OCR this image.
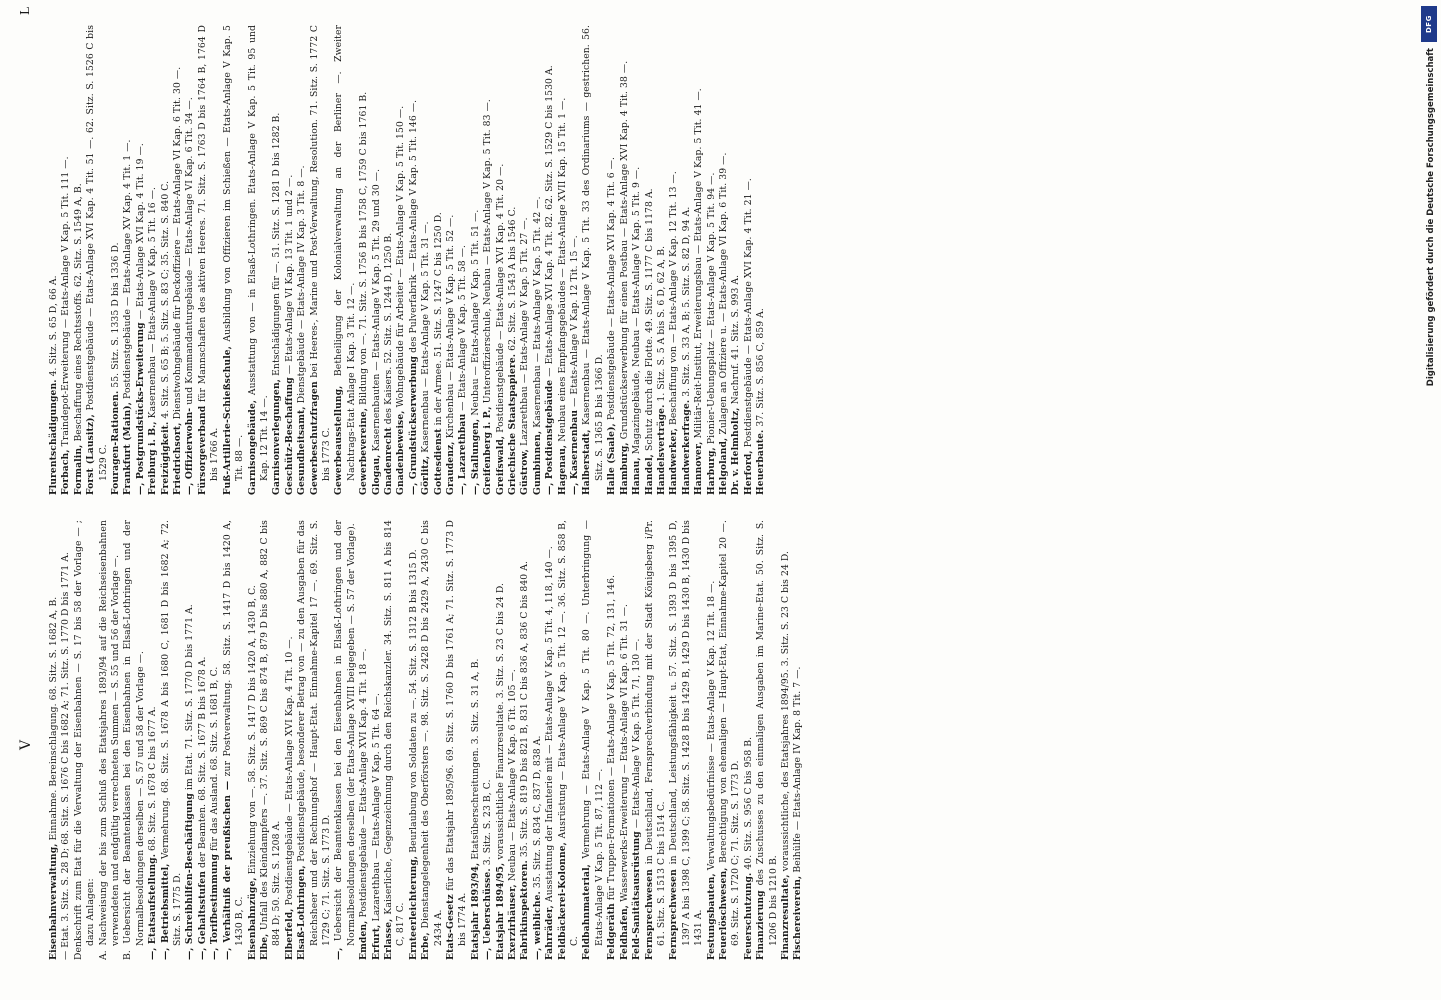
V
L

Eisenbahnverwaltung, Einnahme. Bereinschlagung. 68. Sitz. S. 1682 A, B. — Etat. 3. Sitz. S. 28 D; 68. Sitz. S. 1676 C bis 1682 A; 71. Sitz. S. 1770 D bis 1771 A. Denkschrift zum Etat für die Verwaltung der Eisenbahnen — S. 17 bis 58 der Vorlage — ; dazu Anlagen: A. Nachweisung der bis zum Schluß des Etatsjahres 1893/94 auf die Reichseisenbahnen verwendeten und endgültig verrechneten Summen — S. 55 und 56 der Vorlage —. B. Uebersicht der Beamtenklassen bei den Eisenbahnen in Elsaß-Lothringen und der Normalbesoldungen derselben — S. 57 und 58 der Vorlage —. —, Etatsaufstellung. 68. Sitz. S. 1678 C bis 1677 A.

—, Betriebsmittel, Vermehrung. 68. Sitz. S. 1678 A bis 1680 C, 1681 D bis 1682 A; 72. Sitz. S. 1775 D. —, Schreibhilfen-Beschäftigung im Etat. 71. Sitz. S. 1770 D bis 1771 A.

—, Gehaltsstufen der Beamten. 68. Sitz. S. 1677 B bis 1678 A.

—, Torifbestimmung für das Ausland. 68. Sitz. S. 1681 B, C.

—, Verhältniß der preußischen — zur Postverwaltung. 58. Sitz. S. 1417 D bis 1420 A, 1430 B, C. Eisenbahnzüge, Einziehung von —. 58. Sitz. S. 1417 D bis 1420 A, 1430 B, C.

Elbe, Unfall des Kleindampfers —. 37. Sitz. S. 869 C bis 874 B, 879 D bis 880 A, 882 C bis 884 D; 50. Sitz. S. 1208 A. Elberfeld, Postdienstgebäude — Etats-Anlage XVI Kap. 4 Tit. 10 —.

Elsaß-Lothringen, Postdienstgebäude, besonderer Betrag von — zu den Ausgaben für das Reichsheer und der Rechnungshof — Haupt-Etat. Einnahme-Kapitel 17 —. 69. Sitz. S. 1729 C; 71. Sitz. S. 1773 D.

—, Uebersicht der Beamtenklassen bei den Eisenbahnen in Elsaß-Lothringen und der Normalbesoldungen derselben (der Etats-Anlage XVIII beigegeben — S. 57 der Vorlage). Emden, Postdienstgebäude — Etats-Anlage XVI Kap. 4 Tit. 18 —.

Erfurt, Lazarethbau — Etats-Anlage V Kap. 5 Tit. 64 —.

Erlasse, Kaiserliche, Gegenzeichnung durch den Reichskanzler. 34. Sitz. S. 811 A bis 814 C, 817 C. Ernteerleichterung, Beurlaubung von Soldaten zu —. 54. Sitz. S. 1312 B bis 1315 D.

Erbe, Dienstangelegenheit des Oberförsters —. 98. Sitz. S. 2428 D bis 2429 A, 2430 C bis 2434 A. Etats-Gesetz für das Etatsjahr 1895/96. 69. Sitz. S. 1760 D bis 1761 A; 71. Sitz. S. 1773 D bis 1774 A. Etatsjahr 1893/94, Etatsüberschreitungen. 3. Sitz. S. 31 A, B.

—, Ueberschüsse. 3. Sitz. S. 23 B, C.

Etatsjahr 1894/95, voraussichtliche Finanzresultate. 3. Sitz. S. 23 C bis 24 D.

Exerzirhäuser, Neubau — Etats-Anlage V Kap. 6 Tit. 105 —.

Fabrikinspektoren. 35. Sitz. S. 819 D bis 821 B, 831 C bis 836 A, 836 C bis 840 A.

—, weibliche. 35. Sitz. S. 834 C, 837 D, 838 A.

Fahrräder, Ausstattung der Infanterie mit — Etats-Anlage V Kap. 5 Tit. 4, 118, 140 —. Feldbäckerei-Kolonne, Ausrüstung — Etats-Anlage V Kap. 5 Tit. 12 —. 36. Sitz. S. 858 B, C. Feldbahnmaterial, Vermehrung — Etats-Anlage V Kap. 5 Tit. 80 —. Unterbringung — Etats-Anlage V Kap. 5 Tit. 87, 112 —. Feldgeräth für Truppen-Formationen — Etats-Anlage V Kap. 5 Tit. 72, 131, 146.

Feldhafen, Wasserwerks-Erweiterung — Etats-Anlage VI Kap. 6 Tit. 31 —. Feld-Sanitätsausrüstung — Etats-Anlage V Kap. 5 Tit. 71, 130 —.

Fernsprechwesen in Deutschland, Fernsprechverbindung mit der Stadt Königsberg i/Pr. 61. Sitz. S. 1513 C bis 1514 C. Fernsprechwesen in Deutschland, Leistungsfähigkeit u. 57. Sitz. S. 1393 D bis 1395 D, 1397 A bis 1398 C, 1399 C; 58. Sitz. S. 1428 B bis 1429 B, 1429 D bis 1430 B, 1430 D bis 1431 A. Festungsbauten, Verwaltungsbedürfnisse — Etats-Anlage V Kap. 12 Tit. 18 —.

Feuerlöschwesen, Berechtigung von ehemaligen — Haupt-Etat, Einnahme-Kapitel 20 —. 69. Sitz. S. 1720 C; 71. Sitz. S. 1773 D. Feuerschutzung. 40. Sitz. S. 956 C bis 958 B.

Finanzierung des Zuschusses zu den einmaligen Ausgaben im Marine-Etat. 50. Sitz. S. 1206 D bis 1210 B. Finanzresultate, voraussichtliche, des Etatsjahres 1894/95. 3. Sitz. S. 23 C bis 24 D.

Fischereiverein, Beihülfe — Etats-Anlage IV Kap. 8 Tit. 7 —.

Flurentschädigungen. 4. Sitz. S. 65 D, 66 A.

Forbach, Traindepot-Erweiterung — Etats-Anlage V Kap. 5 Tit. 111 —.

Formalin, Beschaffung eines Rechtsstoffs. 62. Sitz. S. 1549 A, B.

Forst (Lausitz), Postdienstgebäude — Etats-Anlage XVI Kap. 4 Tit. 51 —. 62. Sitz. S. 1526 C bis 1529 C. Fouragen-Rationen. 55. Sitz. S. 1335 D bis 1336 D.

Frankfurt (Main), Postdienstgebäude — Etats-Anlage XV Kap. 4 Tit. 1 —.

—, Postgrundstücks-Erweiterung — Etats-Anlage XVI Kap. 4 Tit. 19 —.

Freiburg i. B., Kasernenbau — Etats-Anlage V Kap. 5 Tit. 16 —.

Freizügigkeit. 4. Sitz. S. 65 B; 5. Sitz. S. 83 C; 35. Sitz. S. 840 C.

Friedrichsort, Dienstwohngebäude für Deckoffiziere — Etats-Anlage VI Kap. 6 Tit. 30 —.

—, Offizierwohn- und Kommandanturgebäude — Etats-Anlage VI Kap. 6 Tit. 34 —.

Fürsorgeverband für Mannschaften des aktiven Heeres. 71. Sitz. S. 1763 D bis 1764 B, 1764 D bis 1766 A. Fuß-Artillerie-Schießschule, Ausbildung von Offizieren im Schießen — Etats-Anlage V Kap. 5 Tit. 88 —. Garnisongebäude, Ausstattung von — in Elsaß-Lothringen. Etats-Anlage V Kap. 5 Tit. 95 und Kap. 12 Tit. 14 —. Garnisonverlegungen, Entschädigungen für —. 51. Sitz. S. 1281 D bis 1282 B.

Geschütz-Beschaffung — Etats-Anlage VI Kap. 13 Tit. 1 und 2 —.

Gesundheitsamt, Dienstgebäude — Etats-Anlage IV Kap. 3 Tit. 8 —.

Gewerbeschutzfragen bei Heeres-, Marine und Post-Verwaltung, Resolution. 71. Sitz. S. 1772 C bis 1773 C. Gewerbeausstellung, Betheiligung der Kolonialverwaltung an der Berliner —. Zweiter Nachtrags-Etat Anlage I Kap. 3 Tit. 12 —. Gewerbevereine, Bildung von —. 71. Sitz. S. 1756 B bis 1758 C, 1759 C bis 1761 B.

Glogau, Kasernenbauten — Etats-Anlage V Kap. 5 Tit. 29 und 30 —.

Gnadenrecht des Kaisers. 52. Sitz. S. 1244 D, 1250 B.

Gnadenbeweise, Wohngebäude für Arbeiter — Etats-Anlage V Kap. 5 Tit. 150 —.

—, Grundstückserwerbung des Pulverfabrik — Etats-Anlage V Kap. 5 Tit. 146 —.

Görlitz, Kasernenbau — Etats-Anlage V Kap. 5 Tit. 31 —.

Gottesdienst in der Armee. 51. Sitz. S. 1247 C bis 1250 D.

Graudenz, Kirchenbau — Etats-Anlage V Kap. 5 Tit. 52 —.

—, Lazarethbau — Etats-Anlage V Kap. 5 Tit. 58 —.

—, Stallungen, Neubau — Etats-Anlage V Kap. 5 Tit. 51 —.

Greifenberg i. P., Unteroffizierschule, Neubau — Etats-Anlage V Kap. 5 Tit. 83 —.

Greifswald, Postdienstgebäude — Etats-Anlage XVI Kap. 4 Tit. 20 —. Griechische Staatspapiere. 62. Sitz. S. 1543 A bis 1546 C.

Güstrow, Lazarethbau — Etats-Anlage V Kap. 5 Tit. 27 —.

Gumbinnen, Kasernenbau — Etats-Anlage V Kap. 5 Tit. 42 —.

—, Postdienstgebäude — Etats-Anlage XVI Kap. 4 Tit. 82. 62. Sitz. S. 1529 C bis 1530 A.

Hagenau, Neubau eines Empfangsgebäudes — Etats-Anlage XVII Kap. 15 Tit. 1 —.

—, Kasernenbau — Etats-Anlage V Kap. 12 Tit. 15 —.

Halberstadt, Kasernenbau — Etats-Anlage V Kap. 5 Tit. 33 des Ordinariums — gestrichen. 56. Sitz. S. 1365 B bis 1366 D. Halle (Saale), Postdienstgebäude — Etats-Anlage XVI Kap. 4 Tit. 6 —.

Hamburg, Grundstückserwerbung für einen Postbau — Etats-Anlage XVI Kap. 4 Tit. 38 —.

Hanau, Magazingebäude, Neubau — Etats-Anlage V Kap. 5 Tit. 9 —.

Handel, Schutz durch die Flotte. 49. Sitz. S. 1177 C bis 1178 A. Handelsverträge. 1. Sitz. S. 5 A bis S. 6 D, 62 A, B.

Handwerker, Beschaffung von — Etats-Anlage V Kap. 12 Tit. 13 —.

Handwerkerfrage. 3. Sitz. S. 33 A, B; 5. Sitz. S. 82 D, 94 A.

Hannover, Militär-Reit-Institut, Erweiterungsbau — Etats-Anlage V Kap. 5 Tit. 41 —.

Harburg, Pionier-Uebungsplatz — Etats-Anlage V Kap. 5 Tit. 94 —.

Helgoland, Zulagen an Offiziere u. — Etats-Anlage VI Kap. 6 Tit. 39 —.

Dr. v. Helmholtz, Nachruf. 41. Sitz. S. 993 A.

Herford, Postdienstgebäude — Etats-Anlage XVI Kap. 4 Tit. 21 —.

Heuerbaute. 37. Sitz. S. 856 C, 859 A.

DFG
Digitalisierung gefördert durch die Deutsche Forschungsgemeinschaft
